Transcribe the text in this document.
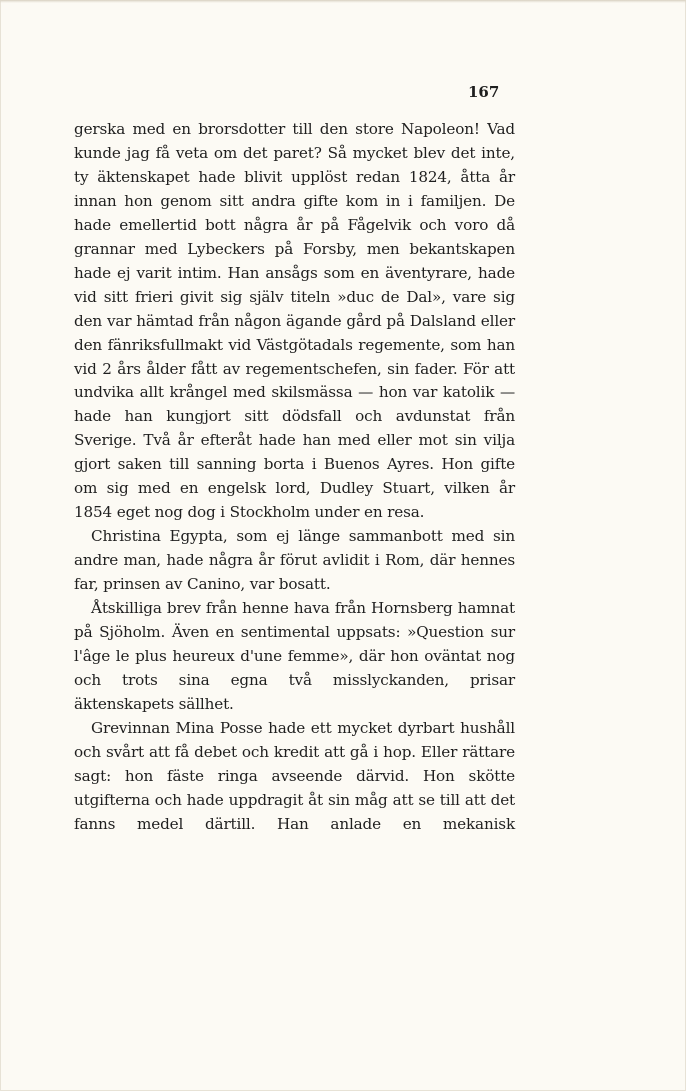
167

gerska med en brorsdotter till den store Napoleon! Vad kunde jag få veta om det paret? Så mycket blev det inte, ty äktenskapet hade blivit upplöst redan 1824, åtta år innan hon genom sitt andra gifte kom in i familjen. De hade emellertid bott några år på Fågelvik och voro då grannar med Lybeckers på Forsby, men bekantskapen hade ej varit intim. Han ansågs som en äventyrare, hade vid sitt frieri givit sig själv titeln »duc de Dal», vare sig den var hämtad från någon ägande gård på Dalsland eller den fänriksfullmakt vid Västgötadals regemente, som han vid 2 års ålder fått av regementschefen, sin fader. För att undvika allt krångel med skilsmässa — hon var katolik — hade han kungjort sitt dödsfall och avdunstat från Sverige. Två år efteråt hade han med eller mot sin vilja gjort saken till sanning borta i Buenos Ayres. Hon gifte om sig med en engelsk lord, Dudley Stuart, vilken år 1854 eget nog dog i Stockholm under en resa.

Christina Egypta, som ej länge sammanbott med sin andre man, hade några år förut avlidit i Rom, där hennes far, prinsen av Canino, var bosatt.

Åtskilliga brev från henne hava från Hornsberg hamnat på Sjöholm. Även en sentimental uppsats: »Question sur l'âge le plus heureux d'une femme», där hon oväntat nog och trots sina egna två misslyckanden, prisar äktenskapets sällhet.

Grevinnan Mina Posse hade ett mycket dyrbart hushåll och svårt att få debet och kredit att gå i hop. Eller rättare sagt: hon fäste ringa avseende därvid. Hon skötte utgifterna och hade uppdragit åt sin måg att se till att det fanns medel därtill. Han anlade en mekanisk
